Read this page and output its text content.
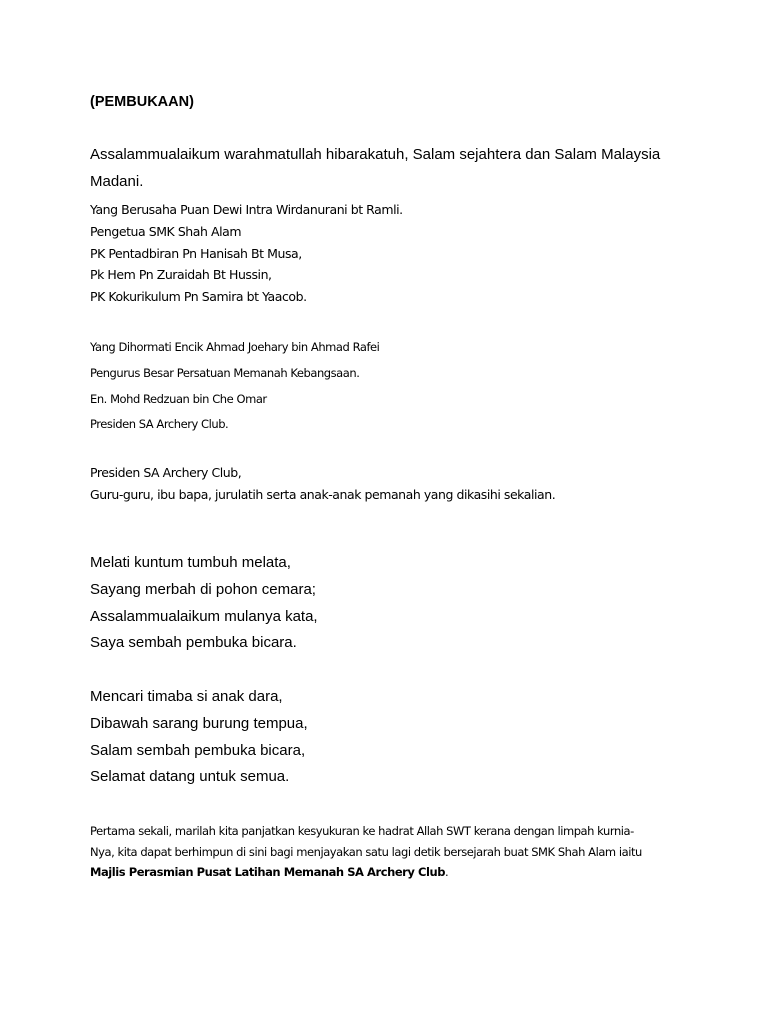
(PEMBUKAAN)
Assalammualaikum warahmatullah hibarakatuh, Salam sejahtera dan Salam Malaysia Madani.
Yang Berusaha Puan Dewi Intra Wirdanurani bt Ramli.
Pengetua SMK Shah Alam
PK Pentadbiran Pn Hanisah Bt Musa,
Pk Hem Pn Zuraidah Bt Hussin,
PK Kokurikulum Pn Samira bt Yaacob.
Yang Dihormati Encik Ahmad Joehary bin Ahmad Rafei
Pengurus Besar Persatuan Memanah Kebangsaan.
En. Mohd Redzuan bin Che Omar
Presiden SA Archery Club.
Presiden SA Archery Club,
Guru-guru, ibu bapa, jurulatih serta anak-anak pemanah yang dikasihi sekalian.
Melati kuntum tumbuh melata,
Sayang merbah di pohon cemara;
Assalammualaikum mulanya kata,
Saya sembah pembuka bicara.
Mencari timaba si anak dara,
Dibawah sarang burung tempua,
Salam sembah pembuka bicara,
Selamat datang untuk semua.
Pertama sekali, marilah kita panjatkan kesyukuran ke hadrat Allah SWT kerana dengan limpah kurnia-
Nya, kita dapat berhimpun di sini bagi menjayakan satu lagi detik bersejarah buat SMK Shah Alam iaitu
Majlis Perasmian Pusat Latihan Memanah SA Archery Club.
